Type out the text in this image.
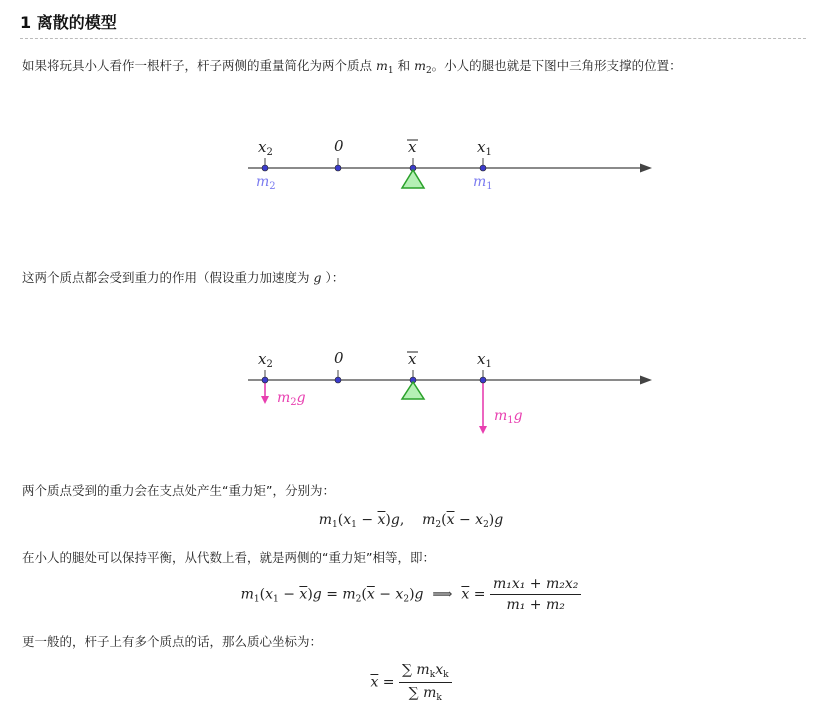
1 离散的模型
如果将玩具小人看作一根杆子，杆子两侧的重量简化为两个质点 $m_1$ 和 $m_2$。小人的腿也就是下图中三角形支撑的位置：
$x_2$	0	x	$x_1$
$m_2$	$m_1$
这两个质点都会受到重力的作用（假设重力加速度为 g ）：
$x_2$	0	x	$x_1$
$m_2g$
$m_1g$
两个质点受到的重力会在支点处产生“重力矩”，分别为：
$m_1(x_1 - \overline{x})g$, $m_2(\overline{x} - x_2)g$
在小人的腿处可以保持平衡，从代数上看，就是两侧的“重力矩”相等，即：
$m_1(x_1 - \overline{x})g = m_2(\overline{x} - x_2)g$ ⟹ $\overline{x} = \frac{\text{m₁x₁ + m₂x₂}}{\text{m₁ + m₂}}$
更一般的，杆子上有多个质点的话，那么质心坐标为：
$\overline{x} = \frac{\sum m_kx_k}{\sum m_k}$
